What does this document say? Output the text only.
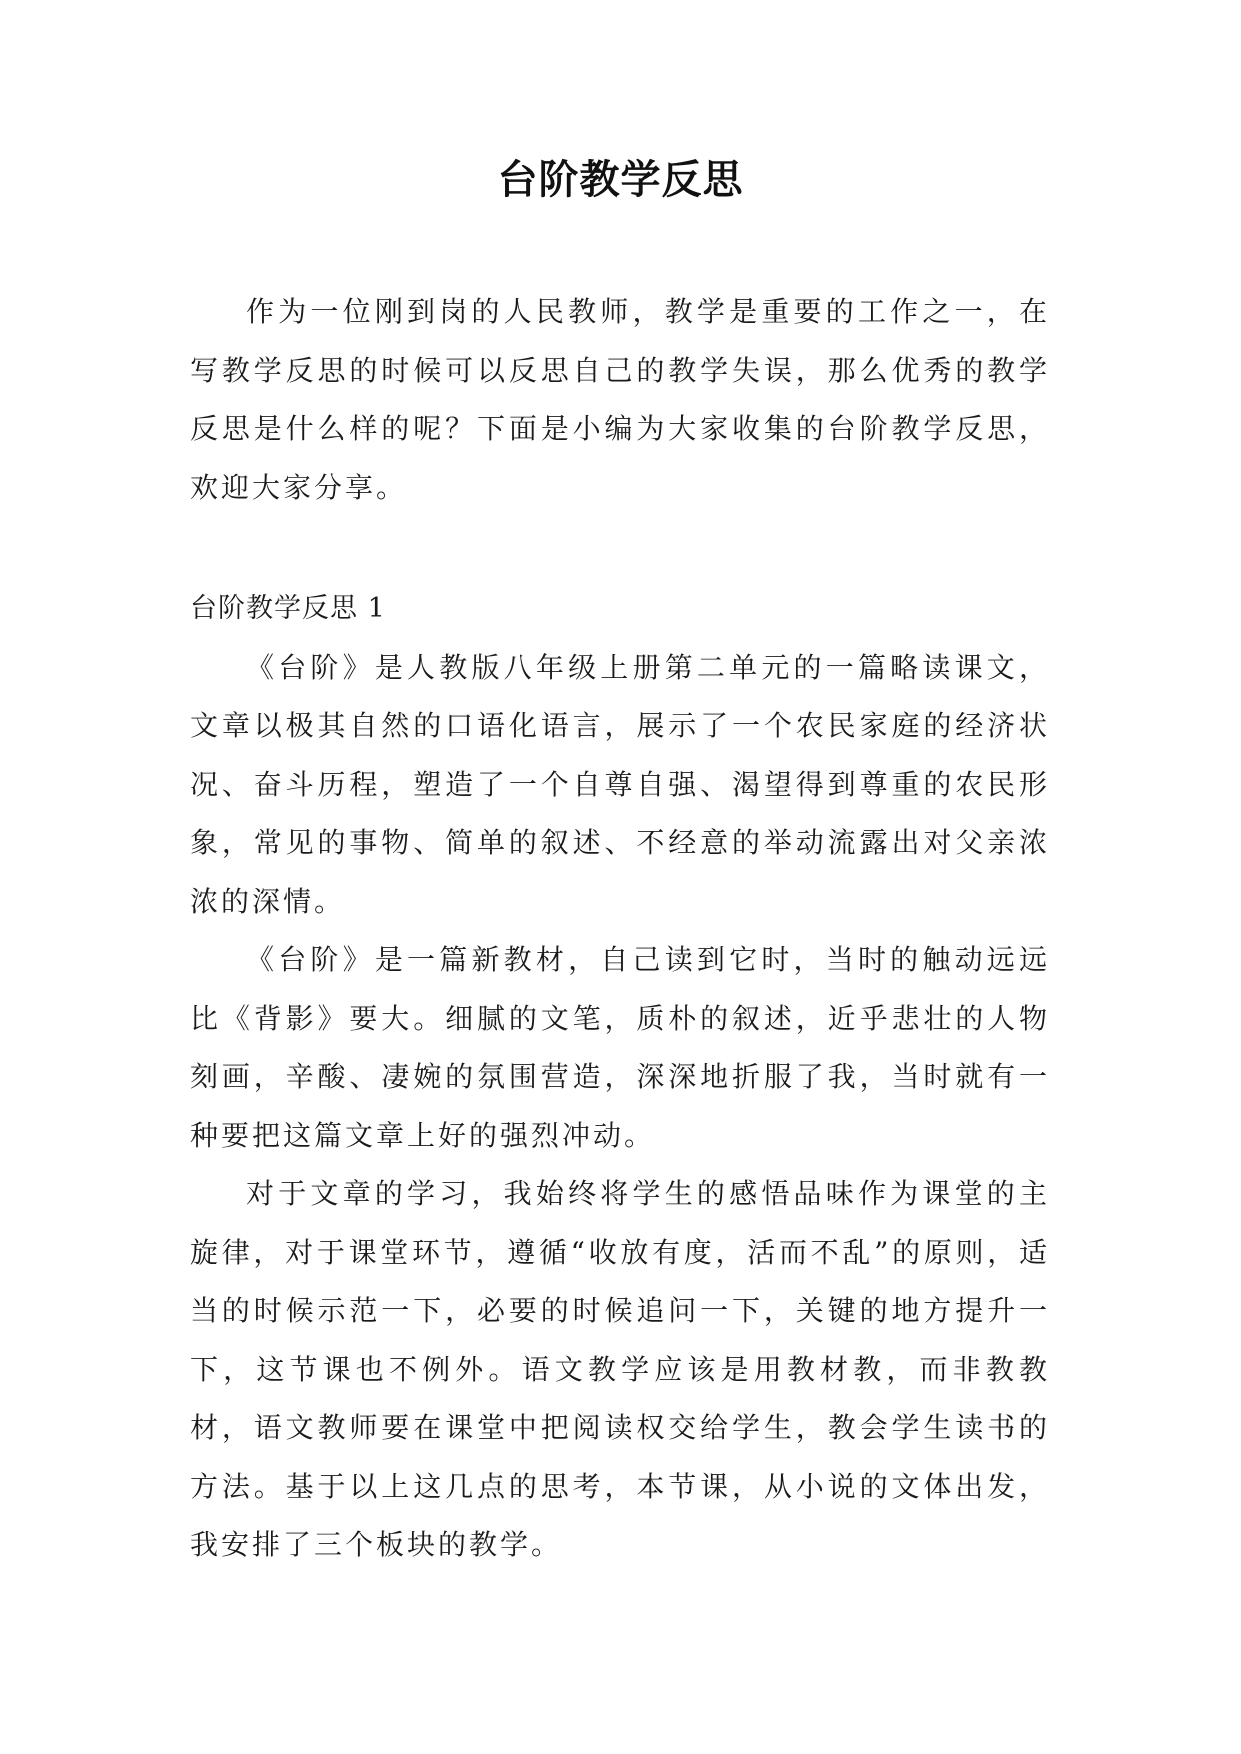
台阶教学反思

作为一位刚到岗的人民教师，教学是重要的工作之一，在写教学反思的时候可以反思自己的教学失误，那么优秀的教学反思是什么样的呢？下面是小编为大家收集的台阶教学反思，欢迎大家分享。

台阶教学反思 1

《台阶》是人教版八年级上册第二单元的一篇略读课文，文章以极其自然的口语化语言，展示了一个农民家庭的经济状况、奋斗历程，塑造了一个自尊自强、渴望得到尊重的农民形象，常见的事物、简单的叙述、不经意的举动流露出对父亲浓浓的深情。

《台阶》是一篇新教材，自己读到它时，当时的触动远远比《背影》要大。细腻的文笔，质朴的叙述，近乎悲壮的人物刻画，辛酸、凄婉的氛围营造，深深地折服了我，当时就有一种要把这篇文章上好的强烈冲动。

对于文章的学习，我始终将学生的感悟品味作为课堂的主旋律，对于课堂环节，遵循“收放有度，活而不乱”的原则，适当的时候示范一下，必要的时候追问一下，关键的地方提升一下，这节课也不例外。语文教学应该是用教材教，而非教教材，语文教师要在课堂中把阅读权交给学生，教会学生读书的方法。基于以上这几点的思考，本节课，从小说的文体出发，我安排了三个板块的教学。
